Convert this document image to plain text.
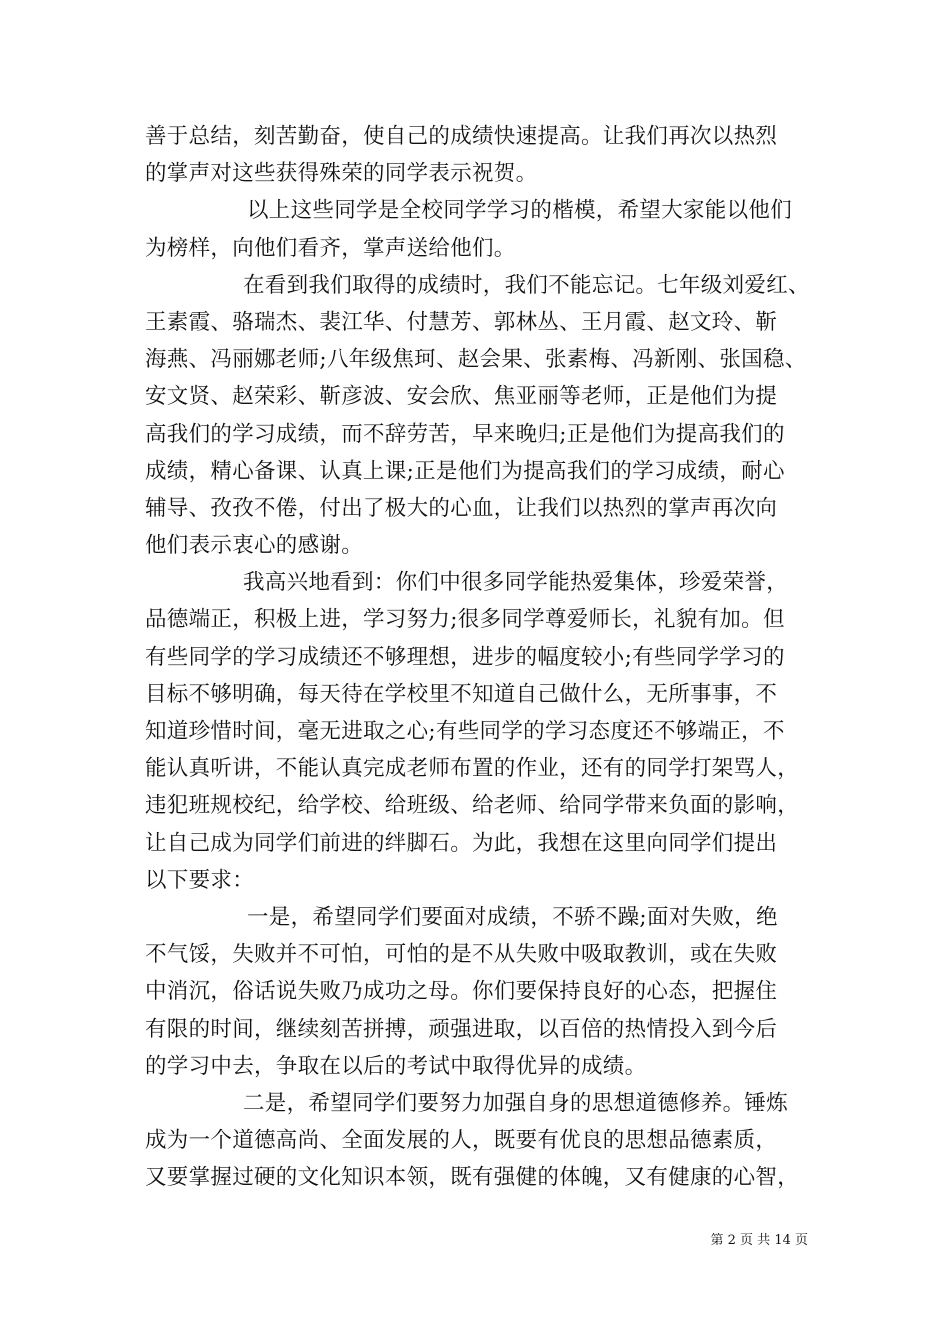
善于总结，刻苦勤奋，使自己的成绩快速提高。让我们再次以热烈
的掌声对这些获得殊荣的同学表示祝贺。
以上这些同学是全校同学学习的楷模，希望大家能以他们
为榜样，向他们看齐，掌声送给他们。
在看到我们取得的成绩时，我们不能忘记。七年级刘爱红、
王素霞、骆瑞杰、裴江华、付慧芳、郭林丛、王月霞、赵文玲、靳
海燕、冯丽娜老师;八年级焦珂、赵会果、张素梅、冯新刚、张国稳、
安文贤、赵荣彩、靳彦波、安会欣、焦亚丽等老师，正是他们为提
高我们的学习成绩，而不辞劳苦，早来晚归;正是他们为提高我们的
成绩，精心备课、认真上课;正是他们为提高我们的学习成绩，耐心
辅导、孜孜不倦，付出了极大的心血，让我们以热烈的掌声再次向
他们表示衷心的感谢。
我高兴地看到：你们中很多同学能热爱集体，珍爱荣誉，
品德端正，积极上进，学习努力;很多同学尊爱师长，礼貌有加。但
有些同学的学习成绩还不够理想，进步的幅度较小;有些同学学习的
目标不够明确，每天待在学校里不知道自己做什么，无所事事，不
知道珍惜时间，毫无进取之心;有些同学的学习态度还不够端正，不
能认真听讲，不能认真完成老师布置的作业，还有的同学打架骂人，
违犯班规校纪，给学校、给班级、给老师、给同学带来负面的影响，
让自己成为同学们前进的绊脚石。为此，我想在这里向同学们提出
以下要求：
一是，希望同学们要面对成绩，不骄不躁;面对失败，绝
不气馁，失败并不可怕，可怕的是不从失败中吸取教训，或在失败
中消沉，俗话说失败乃成功之母。你们要保持良好的心态，把握住
有限的时间，继续刻苦拼搏，顽强进取，以百倍的热情投入到今后
的学习中去，争取在以后的考试中取得优异的成绩。
二是，希望同学们要努力加强自身的思想道德修养。锤炼
成为一个道德高尚、全面发展的人，既要有优良的思想品德素质，
又要掌握过硬的文化知识本领，既有强健的体魄，又有健康的心智，
第 2 页 共 14 页
